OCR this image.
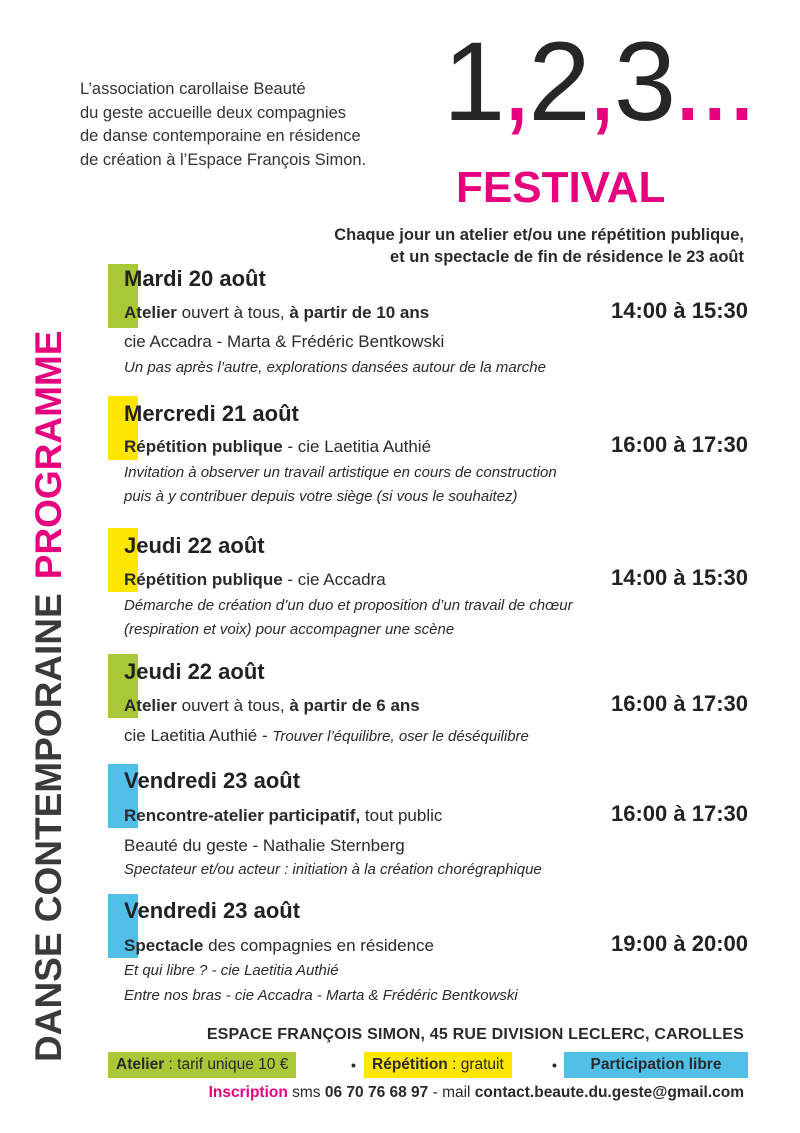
L’association carollaise Beauté
du geste accueille deux compagnies
de danse contemporaine en résidence
de création à l’Espace François Simon.
1,2,3...
FESTIVAL
Chaque jour un atelier et/ou une répétition publique,
et un spectacle de fin de résidence le 23 août
DANSE CONTEMPORAINEPROGRAMME
Mardi 20 août
Atelier ouvert à tous, à partir de 10 ans	14:00 à 15:30
cie Accadra - Marta & Frédéric Bentkowski
Un pas après l’autre, explorations dansées autour de la marche
Mercredi 21 août
Répétition publique - cie Laetitia Authié	16:00 à 17:30
Invitation à observer un travail artistique en cours de construction
puis à y contribuer depuis votre siège (si vous le souhaitez)
Jeudi 22 août
Répétition publique - cie Accadra	14:00 à 15:30
Démarche de création d’un duo et proposition d’un travail de chœur
(respiration et voix) pour accompagner une scène
Jeudi 22 août
Atelier ouvert à tous, à partir de 6 ans	16:00 à 17:30
cie Laetitia Authié - Trouver l’équilibre, oser le déséquilibre
Vendredi 23 août
Rencontre-atelier participatif, tout public	16:00 à 17:30
Beauté du geste - Nathalie Sternberg
Spectateur et/ou acteur : initiation à la création chorégraphique
Vendredi 23 août
Spectacle des compagnies en résidence	19:00 à 20:00
Et qui libre ? - cie Laetitia Authié
Entre nos bras - cie Accadra - Marta & Frédéric Bentkowski
ESPACE FRANÇOIS SIMON, 45 RUE DIVISION LECLERC, CAROLLES
Atelier : tarif unique 10 €	•	Répétition : gratuit	•	Participation libre
Inscription sms 06 70 76 68 97 - mail contact.beaute.du.geste@gmail.com
